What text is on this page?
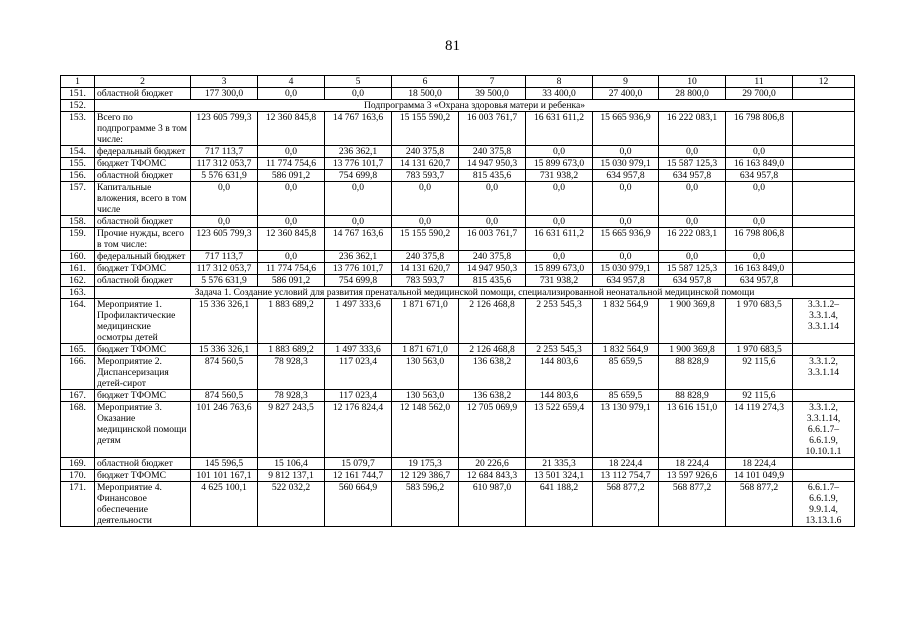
81
1	2	3	4	5	6	7	8	9	10	11	12
151.	областной бюджет	177 300,0	0,0	0,0	18 500,0	39 500,0	33 400,0	27 400,0	28 800,0	29 700,0	
152.	Подпрограмма 3 «Охрана здоровья матери и ребенка»										
153.	Всего по подпрограмме 3 в том числе:	123 605 799,3	12 360 845,8	14 767 163,6	15 155 590,2	16 003 761,7	16 631 611,2	15 665 936,9	16 222 083,1	16 798 806,8	
154.	федеральный бюджет	717 113,7	0,0	236 362,1	240 375,8	240 375,8	0,0	0,0	0,0	0,0	
155.	бюджет ТФОМС	117 312 053,7	11 774 754,6	13 776 101,7	14 131 620,7	14 947 950,3	15 899 673,0	15 030 979,1	15 587 125,3	16 163 849,0	
156.	областной бюджет	5 576 631,9	586 091,2	754 699,8	783 593,7	815 435,6	731 938,2	634 957,8	634 957,8	634 957,8	
157.	Капитальные вложения, всего в том числе	0,0	0,0	0,0	0,0	0,0	0,0	0,0	0,0	0,0	
158.	областной бюджет	0,0	0,0	0,0	0,0	0,0	0,0	0,0	0,0	0,0	
159.	Прочие нужды, всего в том числе:	123 605 799,3	12 360 845,8	14 767 163,6	15 155 590,2	16 003 761,7	16 631 611,2	15 665 936,9	16 222 083,1	16 798 806,8	
160.	федеральный бюджет	717 113,7	0,0	236 362,1	240 375,8	240 375,8	0,0	0,0	0,0	0,0	
161.	бюджет ТФОМС	117 312 053,7	11 774 754,6	13 776 101,7	14 131 620,7	14 947 950,3	15 899 673,0	15 030 979,1	15 587 125,3	16 163 849,0	
162.	областной бюджет	5 576 631,9	586 091,2	754 699,8	783 593,7	815 435,6	731 938,2	634 957,8	634 957,8	634 957,8	
163.	Задача 1. Создание условий для развития пренатальной медицинской помощи, специализированной неонатальной медицинской помощи										
164.	Мероприятие 1. Профилактические медицинские осмотры детей	15 336 326,1	1 883 689,2	1 497 333,6	1 871 671,0	2 126 468,8	2 253 545,3	1 832 564,9	1 900 369,8	1 970 683,5	3.3.1.2– 3.3.1.4, 3.3.1.14
165.	бюджет ТФОМС	15 336 326,1	1 883 689,2	1 497 333,6	1 871 671,0	2 126 468,8	2 253 545,3	1 832 564,9	1 900 369,8	1 970 683,5	
166.	Мероприятие 2. Диспансеризация детей-сирот	874 560,5	78 928,3	117 023,4	130 563,0	136 638,2	144 803,6	85 659,5	88 828,9	92 115,6	3.3.1.2, 3.3.1.14
167.	бюджет ТФОМС	874 560,5	78 928,3	117 023,4	130 563,0	136 638,2	144 803,6	85 659,5	88 828,9	92 115,6	
168.	Мероприятие 3. Оказание медицинской помощи детям	101 246 763,6	9 827 243,5	12 176 824,4	12 148 562,0	12 705 069,9	13 522 659,4	13 130 979,1	13 616 151,0	14 119 274,3	3.3.1.2, 3.3.1.14, 6.6.1.7– 6.6.1.9, 10.10.1.1
169.	областной бюджет	145 596,5	15 106,4	15 079,7	19 175,3	20 226,6	21 335,3	18 224,4	18 224,4	18 224,4	
170.	бюджет ТФОМС	101 101 167,1	9 812 137,1	12 161 744,7	12 129 386,7	12 684 843,3	13 501 324,1	13 112 754,7	13 597 926,6	14 101 049,9	
171.	Мероприятие 4. Финансовое обеспечение деятельности	4 625 100,1	522 032,2	560 664,9	583 596,2	610 987,0	641 188,2	568 877,2	568 877,2	568 877,2	6.6.1.7– 6.6.1.9, 9.9.1.4, 13.13.1.6
